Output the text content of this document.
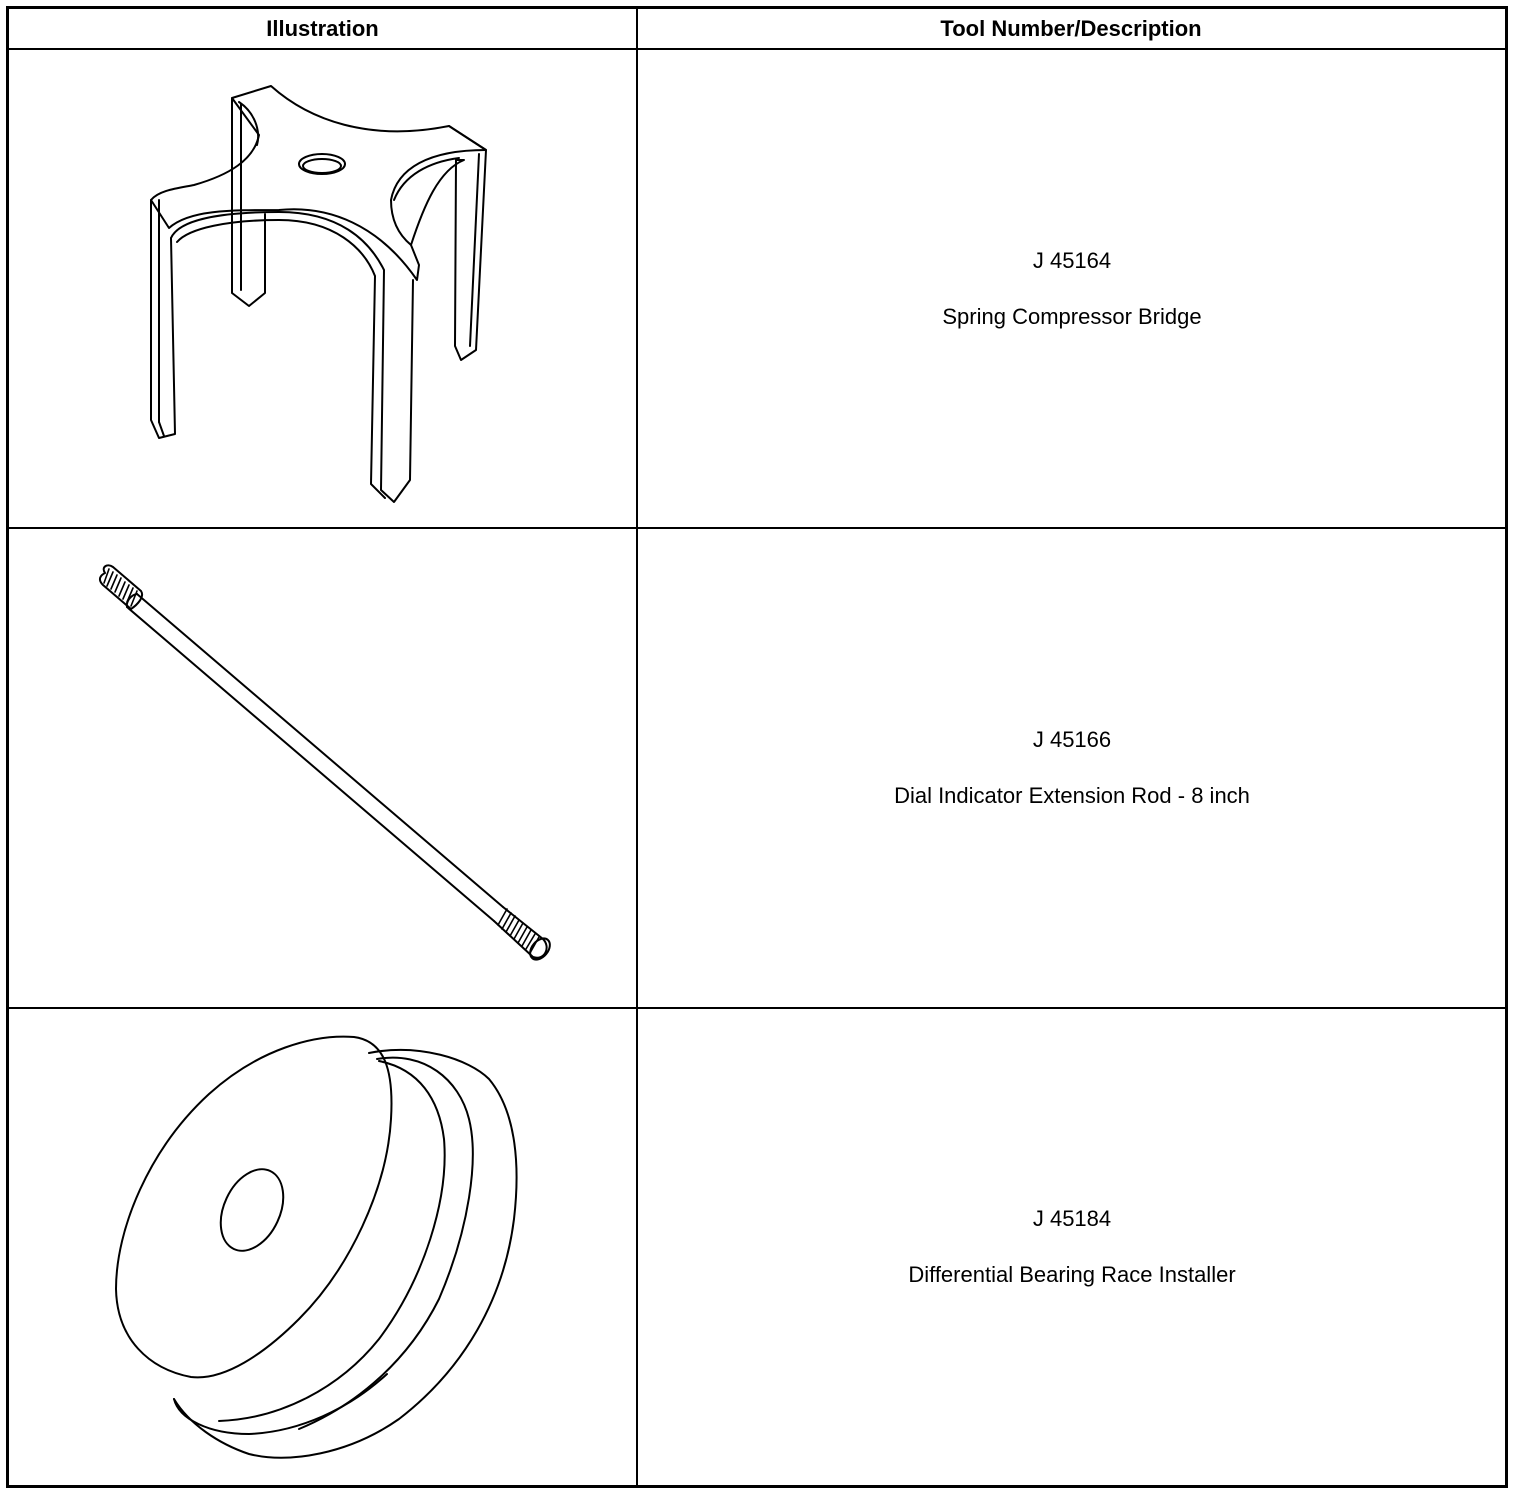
Illustration	Tool Number/Description
J 45164
Spring Compressor Bridge
J 45166
Dial Indicator Extension Rod - 8 inch
J 45184
Differential Bearing Race Installer
